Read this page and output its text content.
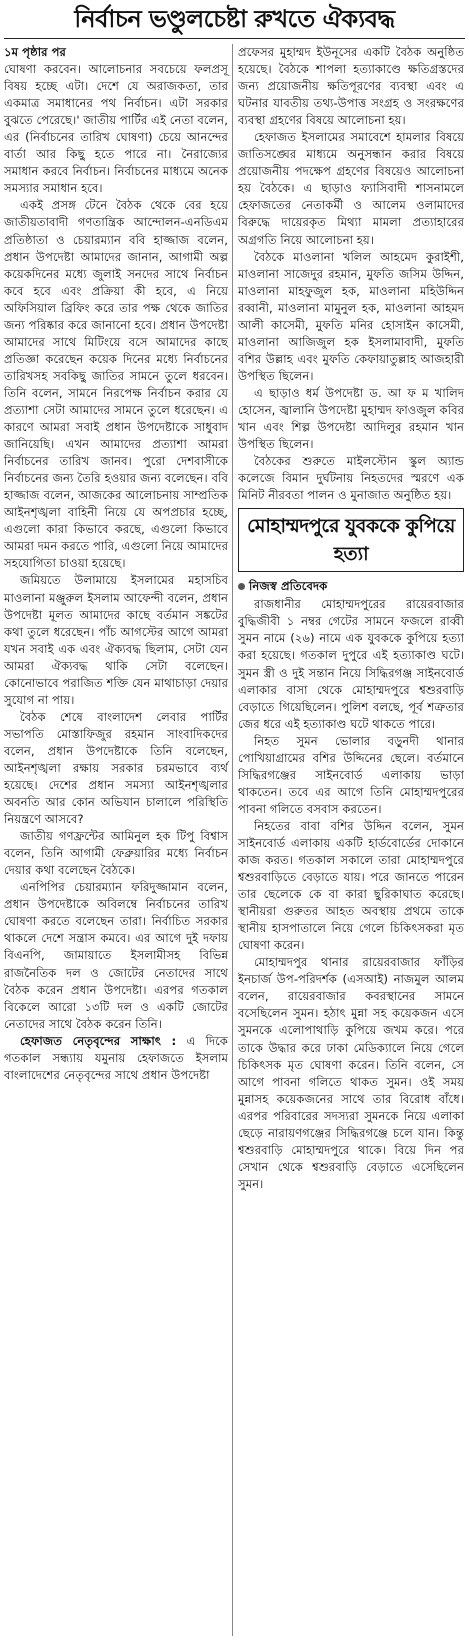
নির্বাচন ভণ্ডুলচেষ্টা রুখতে ঐক্যবদ্ধ
১ম পৃষ্ঠার পর

ঘোষণা করবেন। আলোচনার সবচেয়ে ফলপ্রসূ বিষয় হচ্ছে এটা। দেশে যে অরাজকতা, তার একমাত্র সমাধানের পথ নির্বাচন। এটা সরকার বুঝতে পেরেছে।' জাতীয় পার্টির এই নেতা বলেন, এর (নির্বাচনের তারিখ ঘোষণা) চেয়ে আনন্দের বার্তা আর কিছু হতে পারে না। নৈরাজ্যের সমাধান করবে নির্বাচন। নির্বাচনের মাধ্যমে অনেক সমস্যার সমাধান হবে।

একই প্রসঙ্গ টেনে বৈঠক থেকে বের হয়ে জাতীয়তাবাদী গণতান্ত্রিক আন্দোলন-এনডিএম প্রতিষ্ঠাতা ও চেয়ারম্যান ববি হাজ্জাজ বলেন, প্রধান উপদেষ্টা আমাদের জানান, আগামী অল্প কয়েকদিনের মধ্যে জুলাই সনদের সাথে নির্বাচন কবে হবে এবং প্রক্রিয়া কী হবে, এ নিয়ে অফিসিয়াল ব্রিফিং করে তার পক্ষ থেকে জাতির জন্য পরিষ্কার করে জানানো হবে। প্রধান উপদেষ্টা আমাদের সাথে মিটিংয়ে বসে আমাদের কাছে প্রতিজ্ঞা করেছেন কয়েক দিনের মধ্যে নির্বাচনের তারিখসহ সবকিছু জাতির সামনে তুলে ধরবেন। তিনি বলেন, সামনে নিরপেক্ষ নির্বাচন করার যে প্রত্যাশা সেটা আমাদের সামনে তুলে ধরেছেন। এ কারণে আমরা সবাই প্রধান উপদেষ্টাকে সাধুবাদ জানিয়েছি। এখন আমাদের প্রত্যাশা আমরা নির্বাচনের তারিখ জানব। পুরো দেশবাসীকে নির্বাচনের জন্য তৈরি হওয়ার জন্য বলেছেন। ববি হাজ্জাজ বলেন, আজকের আলোচনায় সাম্প্রতিক আইনশৃঙ্খলা বাহিনী নিয়ে যে অপপ্রচার হচ্ছে, এগুলো কারা কিভাবে করছে, এগুলো কিভাবে আমরা দমন করতে পারি, এগুলো নিয়ে আমাদের সহযোগিতা চাওয়া হয়েছে।

জমিয়তে উলামায়ে ইসলামের মহাসচিব মাওলানা মঞ্জুরুল ইসলাম আফেন্দী বলেন, প্রধান উপদেষ্টা মূলত আমাদের কাছে বর্তমান সঙ্কটের কথা তুলে ধরেছেন। পাঁচ আগস্টের আগে আমরা যখন সবাই এক এবং ঐক্যবদ্ধ ছিলাম, সেটা যেন আমরা ঐক্যবদ্ধ থাকি সেটা বলেছেন। কোনোভাবে পরাজিত শক্তি যেন মাথাচাড়া দেয়ার সুযোগ না পায়।

বৈঠক শেষে বাংলাদেশ লেবার পার্টির সভাপতি মোস্তাফিজুর রহমান সাংবাদিকদের বলেন, প্রধান উপদেষ্টাকে তিনি বলেছেন, আইনশৃঙ্খলা রক্ষায় সরকার চরমভাবে ব্যর্থ হয়েছে। দেশের প্রধান সমস্যা আইনশৃঙ্খলার অবনতি আর কোন অভিযান চালালে পরিস্থিতি নিয়ন্ত্রণে আসবে?

জাতীয় গণফ্রন্টের আমিনুল হক টিপু বিশ্বাস বলেন, তিনি আগামী ফেব্রুয়ারির মধ্যে নির্বাচন দেয়ার কথা বলেছেন বৈঠকে।

এনপিপির চেয়ারম্যান ফরিদুজ্জামান বলেন, প্রধান উপদেষ্টাকে অবিলম্বে নির্বাচনের তারিখ ঘোষণা করতে বলেছেন তারা। নির্বাচিত সরকার থাকলে দেশে সন্ত্রাস কমবে। এর আগে দুই দফায় বিএনপি, জামায়াতে ইসলামীসহ বিভিন্ন রাজনৈতিক দল ও জোটের নেতাদের সাথে বৈঠক করেন প্রধান উপদেষ্টা। এরপর গতকাল বিকেলে আরো ১৩টি দল ও একটি জোটের নেতাদের সাথে বৈঠক করেন তিনি।

হেফাজত নেতৃবৃন্দের সাক্ষাৎ : এ দিকে গতকাল সন্ধ্যায় যমুনায় হেফাজতে ইসলাম বাংলাদেশের নেতৃবৃন্দের সাথে প্রধান উপদেষ্টা

প্রফেসর মুহাম্মদ ইউনূসের একটি বৈঠক অনুষ্ঠিত হয়েছে। বৈঠকে শাপলা হত্যাকাণ্ডে ক্ষতিগ্রস্তদের জন্য প্রয়োজনীয় ক্ষতিপূরণের ব্যবস্থা এবং এ ঘটনার যাবতীয় তথ্য-উপাত্ত সংগ্রহ ও সংরক্ষণের ব্যবস্থা গ্রহণের বিষয়ে আলোচনা হয়।

হেফাজত ইসলামের সমাবেশে হামলার বিষয়ে জাতিসঙ্ঘের মাধ্যমে অনুসন্ধান করার বিষয়ে প্রয়োজনীয় পদক্ষেপ গ্রহণের বিষয়েও আলোচনা হয় বৈঠকে। এ ছাড়াও ফ্যাসিবাদী শাসনামলে হেফাজতের নেতাকর্মী ও আলেম ওলামাদের বিরুদ্ধে দায়েরকৃত মিথ্যা মামলা প্রত্যাহারের অগ্রগতি নিয়ে আলোচনা হয়।

বৈঠকে মাওলানা খলিল আহমেদ কুরাইশী, মাওলানা সাজেদুর রহমান, মুফতি জসিম উদ্দিন, মাওলানা মাহফুজুল হক, মাওলানা মহিউদ্দিন রব্বানী, মাওলানা মামুনুল হক, মাওলানা আহমদ আলী কাসেমী, মুফতি মনির হোসাইন কাসেমী, মাওলানা আজিজুল হক ইসলামাবাদী, মুফতি বশির উল্লাহ এবং মুফতি কেফায়াতুল্লাহ আজহারী উপস্থিত ছিলেন।

এ ছাড়াও ধর্ম উপদেষ্টা ড. আ ফ ম খালিদ হোসেন, জ্বালানি উপদেষ্টা মুহাম্মদ ফাওজুল কবির খান এবং শিল্প উপদেষ্টা আদিলুর রহমান খান উপস্থিত ছিলেন।

বৈঠকের শুরুতে মাইলস্টোন স্কুল অ্যান্ড কলেজে বিমান দুর্ঘটনায় নিহতদের স্মরণে এক মিনিট নীরবতা পালন ও মুনাজাত অনুষ্ঠিত হয়।

মোহাম্মদপুরে যুবককে কুপিয়ে হত্যা
নিজস্ব প্রতিবেদক

রাজধানীর মোহাম্মদপুরের রায়েরবাজার বুদ্ধিজীবী ১ নম্বর গেটের সামনে ফজলে রাব্বী সুমন নামে (২৬) নামে এক যুবককে কুপিয়ে হত্যা করা হয়েছে। গতকাল দুপুরে এই হত্যাকাণ্ড ঘটে। সুমন স্ত্রী ও দুই সন্তান নিয়ে সিদ্ধিরগঞ্জ সাইনবোর্ড এলাকার বাসা থেকে মোহাম্মদপুরে শ্বশুরবাড়ি বেড়াতে গিয়েছিলেন। পুলিশ বলছে, পূর্ব শত্রুতার জের ধরে এই হত্যাকাণ্ড ঘটে থাকতে পারে।

নিহত সুমন ভোলার বড়ুনদী থানার পোখিয়াগ্রামের বশির উদ্দিনের ছেলে। বর্তমানে সিদ্ধিরগঞ্জের সাইনবোর্ড এলাকায় ভাড়া থাকতেন। তবে এর আগে তিনি মোহাম্মদপুরের পাবনা গলিতে বসবাস করতেন।

নিহতের বাবা বশির উদ্দিন বলেন, সুমন সাইনবোর্ড এলাকায় একটি হার্ডবোর্ডের দোকানে কাজ করত। গতকাল সকালে তারা মোহাম্মদপুরে শ্বশুরবাড়িতে বেড়াতে যায়। পরে জানতে পারেন তার ছেলেকে কে বা কারা ছুরিকাঘাত করেছে। স্থানীয়রা গুরুতর আহত অবস্থায় প্রথমে তাকে স্থানীয় হাসপাতালে নিয়ে গেলে চিকিৎসকরা মৃত ঘোষণা করেন।

মোহাম্মদপুর থানার রায়েরবাজার ফাঁড়ির ইনচার্জ উপ-পরিদর্শক (এসআই) নাজমুল আলম বলেন, রায়েরবাজার কবরস্থানের সামনে বসেছিলেন সুমন। হঠাৎ মুন্না সহ কয়েকজন এসে সুমনকে এলোপাথাড়ি কুপিয়ে জখম করে। পরে তাকে উদ্ধার করে ঢাকা মেডিক্যালে নিয়ে গেলে চিকিৎসক মৃত ঘোষণা করেন। তিনি বলেন, সে আগে পাবনা গলিতে থাকত সুমন। ওই সময় মুন্নাসহ কয়েকজনের সাথে তার বিরোধ বাঁধে। এরপর পরিবারের সদস্যরা সুমনকে নিয়ে এলাকা ছেড়ে নারায়ণগঞ্জের সিদ্ধিরগঞ্জে চলে যান। কিন্তু শ্বশুরবাড়ি মোহাম্মদপুরে থাকে। বিয়ে দিন পর সেখান থেকে শ্বশুরবাড়ি বেড়াতে এসেছিলেন সুমন।
